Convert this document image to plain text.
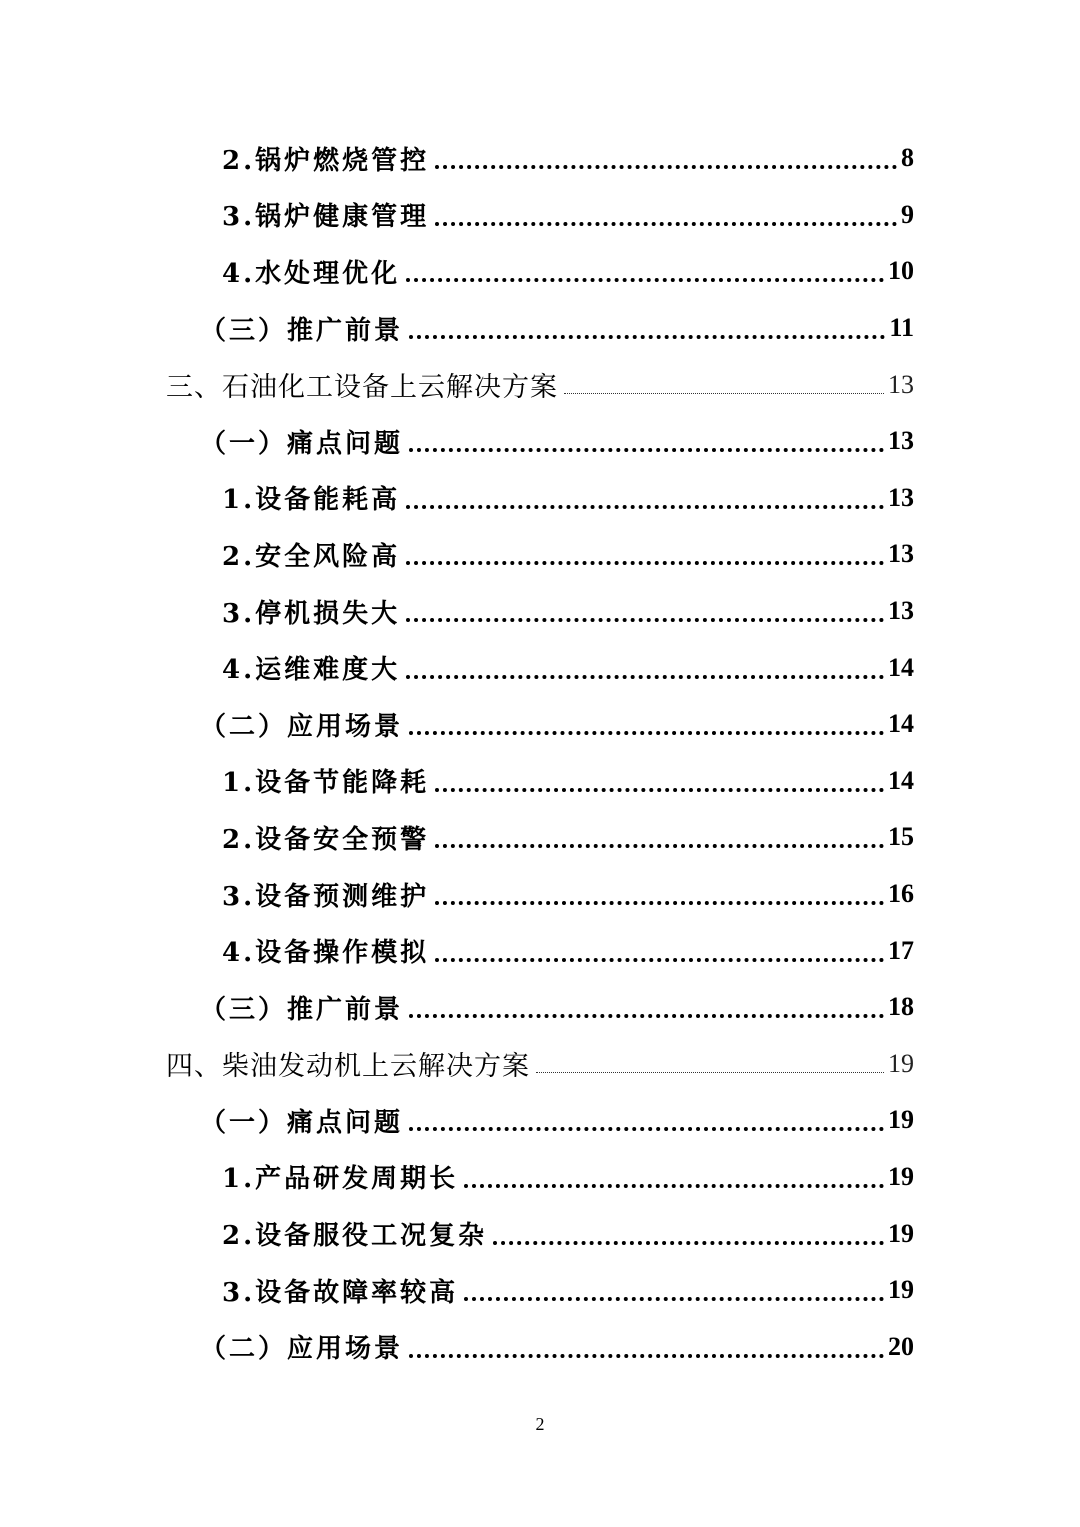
2.锅炉燃烧管控	8
3.锅炉健康管理	9
4.水处理优化	10
（三）推广前景	11
三、石油化工设备上云解决方案	13
（一）痛点问题	13
1.设备能耗高	13
2.安全风险高	13
3.停机损失大	13
4.运维难度大	14
（二）应用场景	14
1.设备节能降耗	14
2.设备安全预警	15
3.设备预测维护	16
4.设备操作模拟	17
（三）推广前景	18
四、柴油发动机上云解决方案	19
（一）痛点问题	19
1.产品研发周期长	19
2.设备服役工况复杂	19
3.设备故障率较高	19
（二）应用场景	20
2
